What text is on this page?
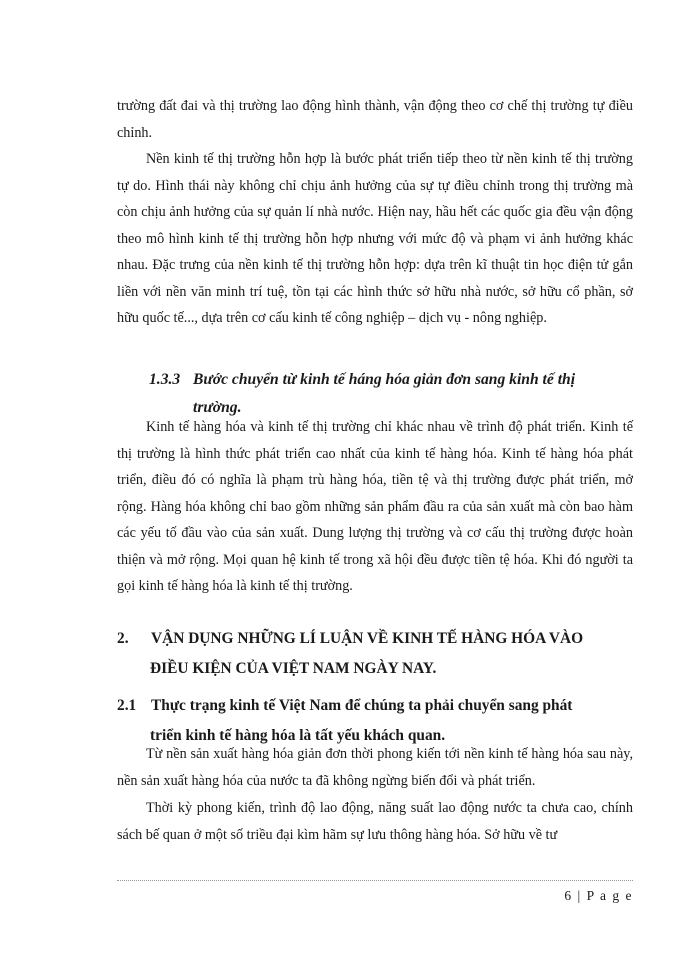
trường đất đai và thị trường lao động hình thành, vận động theo cơ chế thị trường tự điều chỉnh.

Nền kinh tế thị trường hỗn hợp là bước phát triển tiếp theo từ nền kinh tế thị trường tự do. Hình thái này không chỉ chịu ảnh hưởng của sự tự điều chỉnh trong thị trường mà còn chịu ảnh hưởng của sự quản lí nhà nước. Hiện nay, hầu hết các quốc gia đều vận động theo mô hình kinh tế thị trường hỗn hợp nhưng với mức độ và phạm vi ảnh hưởng khác nhau. Đặc trưng của nền kinh tế thị trường hỗn hợp: dựa trên kĩ thuật tin học điện tử gắn liền với nền văn minh trí tuệ, tồn tại các hình thức sở hữu nhà nước, sở hữu cổ phần, sở hữu quốc tế..., dựa trên cơ cấu kinh tế công nghiệp – dịch vụ - nông nghiệp.

1.3.3 Bước chuyển từ kinh tế háng hóa giản đơn sang kinh tế thị
trường.

Kinh tế hàng hóa và kinh tế thị trường chỉ khác nhau về trình độ phát triển. Kinh tế thị trường là hình thức phát triển cao nhất của kinh tế hàng hóa. Kinh tế hàng hóa phát triển, điều đó có nghĩa là phạm trù hàng hóa, tiền tệ và thị trường được phát triển, mở rộng. Hàng hóa không chỉ bao gồm những sản phẩm đầu ra của sản xuất mà còn bao hàm các yếu tố đầu vào của sản xuất. Dung lượng thị trường và cơ cấu thị trường được hoàn thiện và mở rộng. Mọi quan hệ kinh tế trong xã hội đều được tiền tệ hóa. Khi đó người ta gọi kinh tế hàng hóa là kinh tế thị trường.

2. VẬN DỤNG NHỮNG LÍ LUẬN VỀ KINH TẾ HÀNG HÓA VÀO
ĐIỀU KIỆN CỦA VIỆT NAM NGÀY NAY.
2.1 Thực trạng kinh tế Việt Nam để chúng ta phải chuyển sang phát
triển kinh tế hàng hóa là tất yếu khách quan.

Từ nền sản xuất hàng hóa giản đơn thời phong kiến tới nền kinh tế hàng hóa sau này, nền sản xuất hàng hóa của nước ta đã không ngừng biến đổi và phát triển.

Thời kỳ phong kiến, trình độ lao động, năng suất lao động nước ta chưa cao, chính sách bế quan ở một số triều đại kìm hãm sự lưu thông hàng hóa. Sở hữu về tư

6 | P a g e
